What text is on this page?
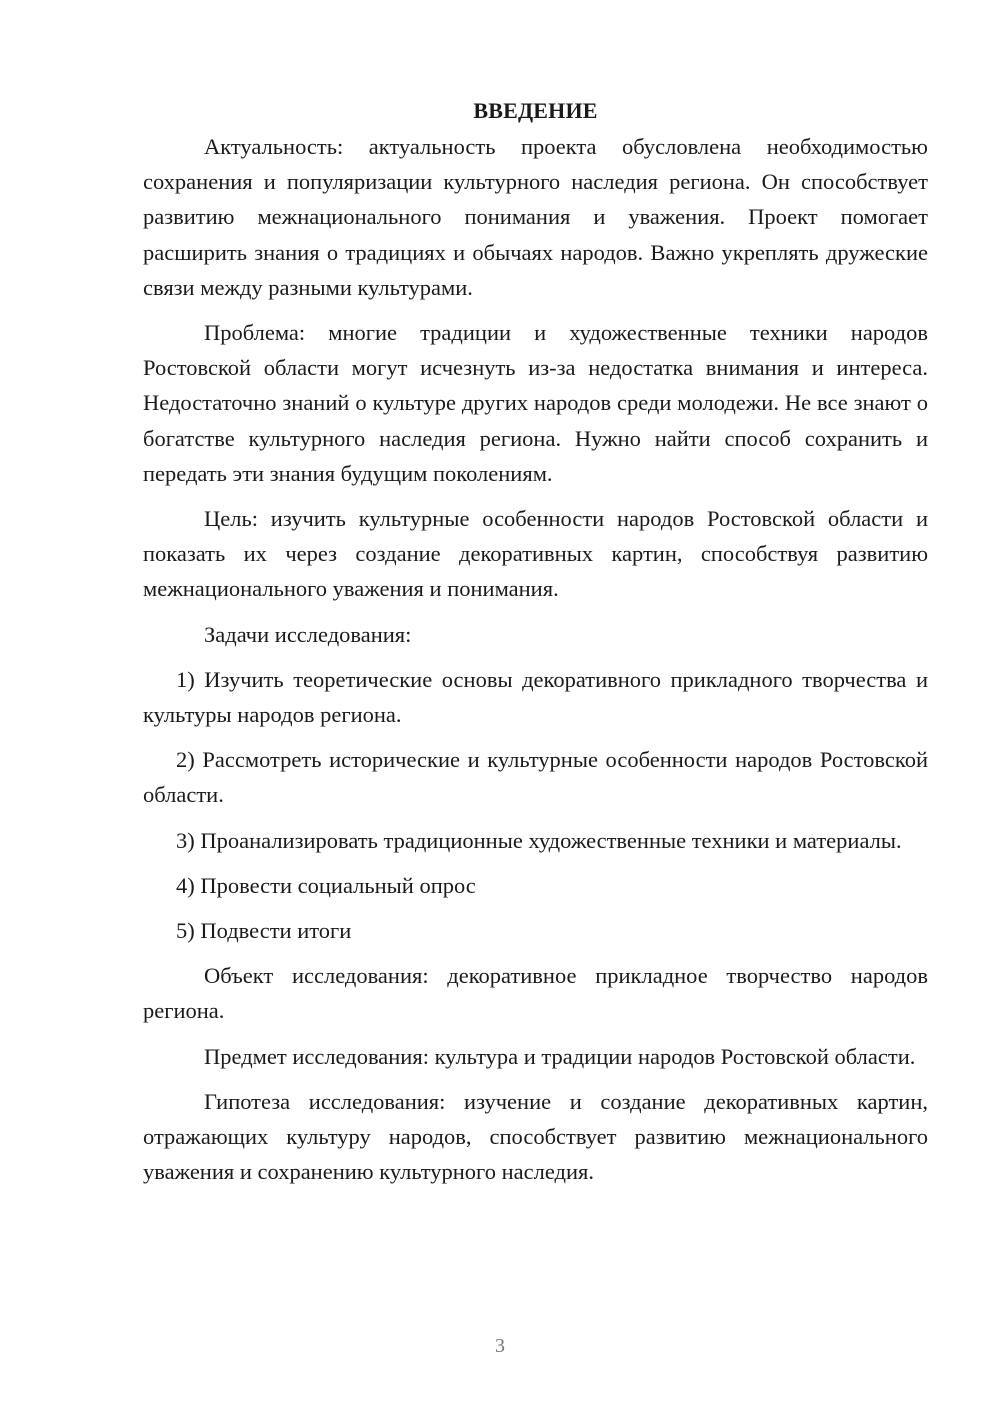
ВВЕДЕНИЕ

Актуальность: актуальность проекта обусловлена необходимостью сохранения и популяризации культурного наследия региона. Он способствует развитию межнационального понимания и уважения. Проект помогает расширить знания о традициях и обычаях народов. Важно укреплять дружеские связи между разными культурами.

Проблема: многие традиции и художественные техники народов Ростовской области могут исчезнуть из-за недостатка внимания и интереса. Недостаточно знаний о культуре других народов среди молодежи. Не все знают о богатстве культурного наследия региона. Нужно найти способ сохранить и передать эти знания будущим поколениям.

Цель: изучить культурные особенности народов Ростовской области и показать их через создание декоративных картин, способствуя развитию межнационального уважения и понимания.

Задачи исследования:

1) Изучить теоретические основы декоративного прикладного творчества и культуры народов региона.

2) Рассмотреть исторические и культурные особенности народов Ростовской области.

3) Проанализировать традиционные художественные техники и материалы.

4) Провести социальный опрос

5) Подвести итоги

Объект исследования: декоративное прикладное творчество народов региона.

Предмет исследования: культура и традиции народов Ростовской области.

Гипотеза исследования: изучение и создание декоративных картин, отражающих культуру народов, способствует развитию межнационального уважения и сохранению культурного наследия.

3
